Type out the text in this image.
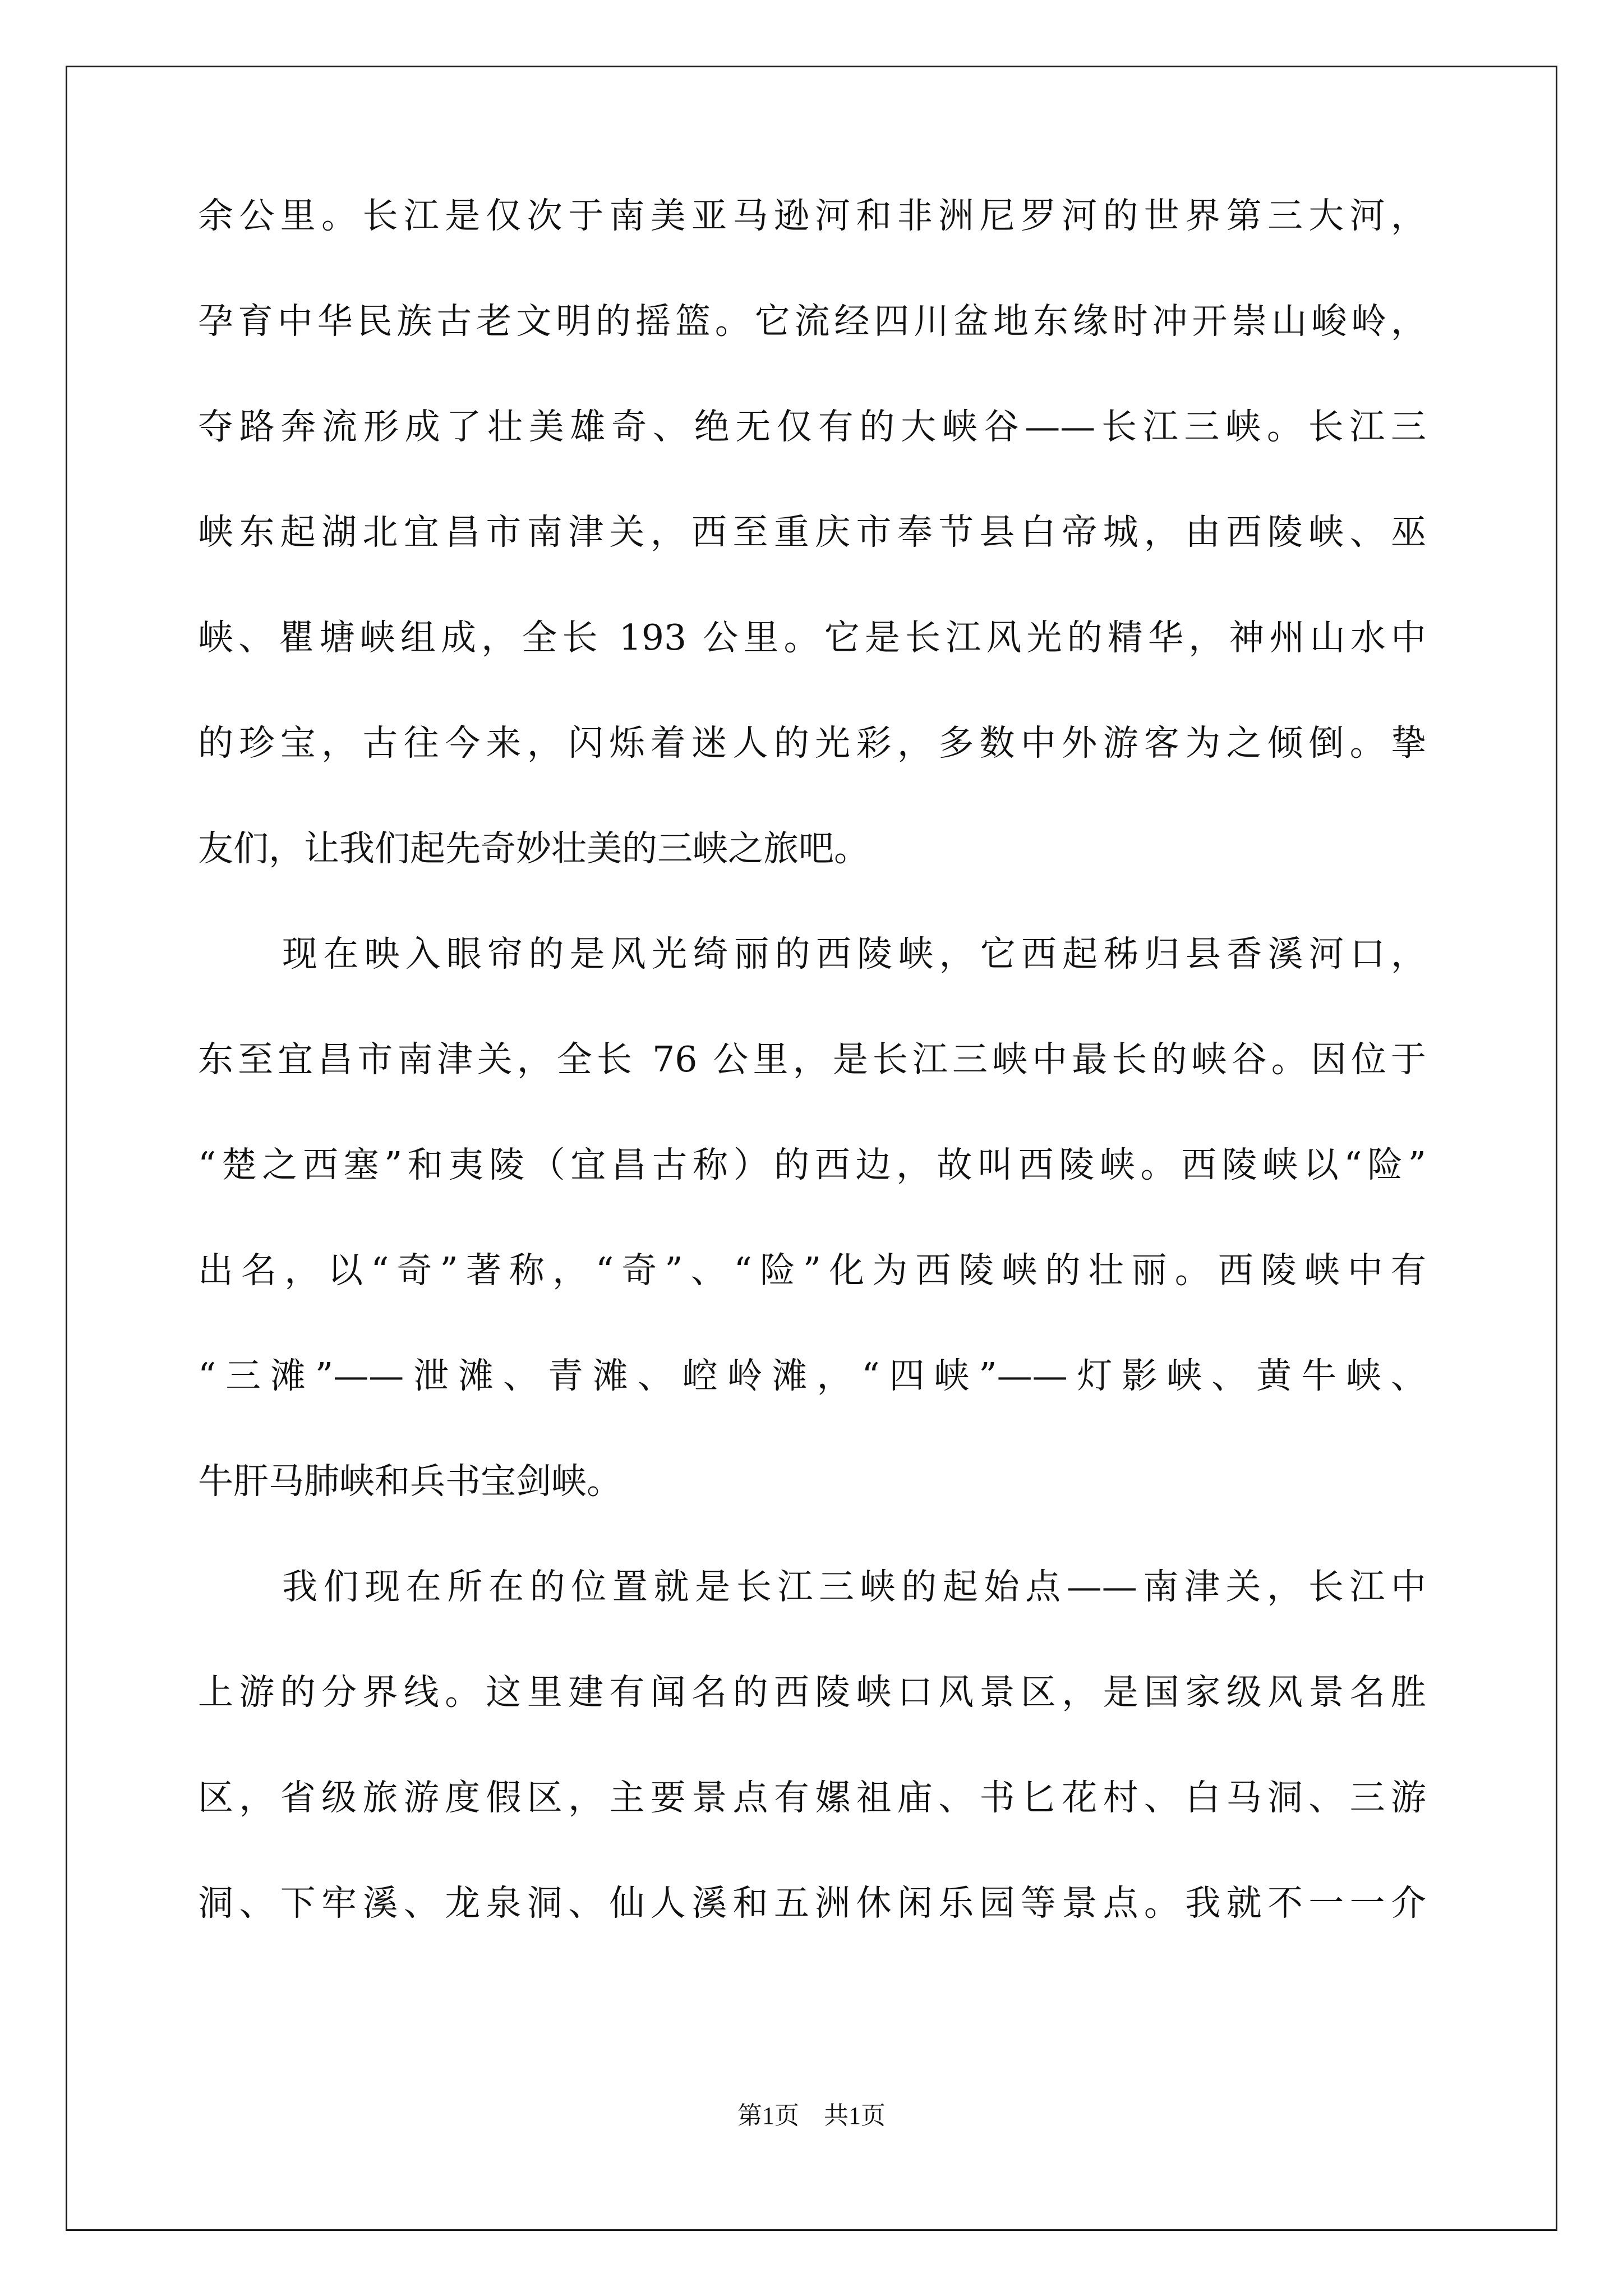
余公里。长江是仅次于南美亚马逊河和非洲尼罗河的世界第三大河，
孕育中华民族古老文明的摇篮。它流经四川盆地东缘时冲开崇山峻岭，
夺路奔流形成了壮美雄奇、绝无仅有的大峡谷——长江三峡。长江三
峡东起湖北宜昌市南津关，西至重庆市奉节县白帝城，由西陵峡、巫
峡、瞿塘峡组成，全长 193 公里。它是长江风光的精华，神州山水中
的珍宝，古往今来，闪烁着迷人的光彩，多数中外游客为之倾倒。挚
友们，让我们起先奇妙壮美的三峡之旅吧。
现在映入眼帘的是风光绮丽的西陵峡，它西起秭归县香溪河口，
东至宜昌市南津关，全长 76 公里，是长江三峡中最长的峡谷。因位于
“楚之西塞”和夷陵（宜昌古称）的西边，故叫西陵峡。西陵峡以“险”
出名，以“奇”著称，“奇”、“险”化为西陵峡的壮丽。西陵峡中有
“三滩”——泄滩、青滩、崆岭滩，“四峡”——灯影峡、黄牛峡、
牛肝马肺峡和兵书宝剑峡。
我们现在所在的位置就是长江三峡的起始点——南津关，长江中
上游的分界线。这里建有闻名的西陵峡口风景区，是国家级风景名胜
区，省级旅游度假区，主要景点有嫘祖庙、书匕花村、白马洞、三游
洞、下牢溪、龙泉洞、仙人溪和五洲休闲乐园等景点。我就不一一介
第1页　共1页
